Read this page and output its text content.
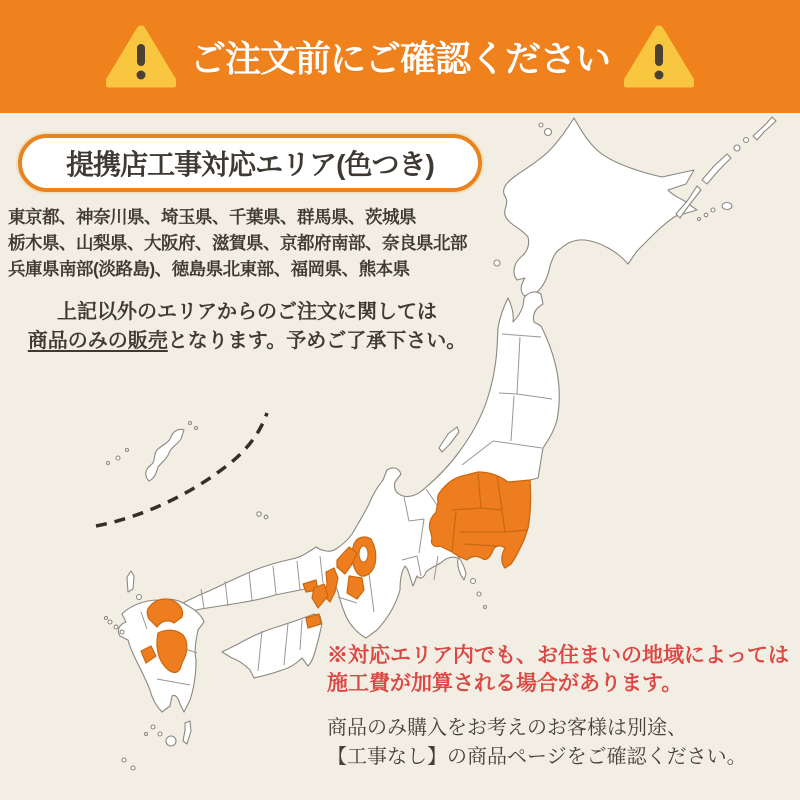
ご注文前にご確認ください
提携店工事対応エリア(色つき)
東京都、神奈川県、埼玉県、千葉県、群馬県、茨城県
栃木県、山梨県、大阪府、滋賀県、京都府南部、奈良県北部
兵庫県南部(淡路島)、徳島県北東部、福岡県、熊本県
上記以外のエリアからのご注文に関しては
商品のみの販売となります。予めご了承下さい。
※対応エリア内でも、お住まいの地域によっては
施工費が加算される場合があります。
商品のみ購入をお考えのお客様は別途、
【工事なし】の商品ページをご確認ください。
